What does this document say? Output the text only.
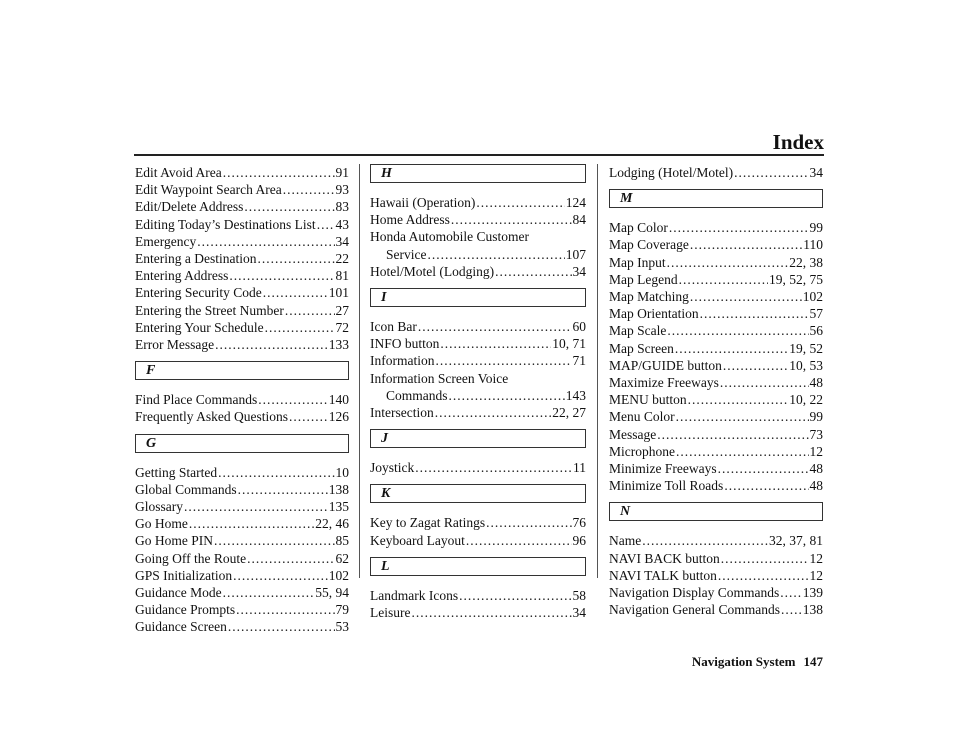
Index
Edit Avoid Area .....	91
Edit Waypoint Search Area .....	93
Edit/Delete Address .....	83
Editing Today’s Destinations List ..... 43
Emergency .....	34
Entering a Destination .....	22
Entering Address .....	81
Entering Security Code .....	101
Entering the Street Number .....	27
Entering Your Schedule .....	72
Error Message .....	133
F
Find Place Commands .....	140
Frequently Asked Questions .....	126
G
Getting Started .....	10
Global Commands .....	138
Glossary .....	135
Go Home .....	22, 46
Go Home PIN .....	85
Going Off the Route .....	62
GPS Initialization .....	102
Guidance Mode .....	55, 94
Guidance Prompts .....	79
Guidance Screen .....	53
H
Hawaii (Operation) .....	124
Home Address .....	84
Honda Automobile Customer
Service .....	107
Hotel/Motel (Lodging) .....	34
I
Icon Bar .....	60
INFO button .....	10, 71
Information .....	71
Information Screen Voice
Commands .....	143
Intersection .....	22, 27
J
Joystick .....	11
K
Key to Zagat Ratings .....	76
Keyboard Layout .....	96
L
Landmark Icons .....	58
Leisure .....	34
Lodging (Hotel/Motel) .....	34
M
Map Color .....	99
Map Coverage .....	110
Map Input .....	22, 38
Map Legend .....	19, 52, 75
Map Matching .....	102
Map Orientation .....	57
Map Scale .....	56
Map Screen .....	19, 52
MAP/GUIDE button .....	10, 53
Maximize Freeways .....	48
MENU button .....	10, 22
Menu Color .....	99
Message .....	73
Microphone .....	12
Minimize Freeways .....	48
Minimize Toll Roads .....	48
N
Name .....	32, 37, 81
NAVI BACK button .....	12
NAVI TALK button .....	12
Navigation Display Commands ..... 139
Navigation General Commands ..... 138
Navigation System 147
